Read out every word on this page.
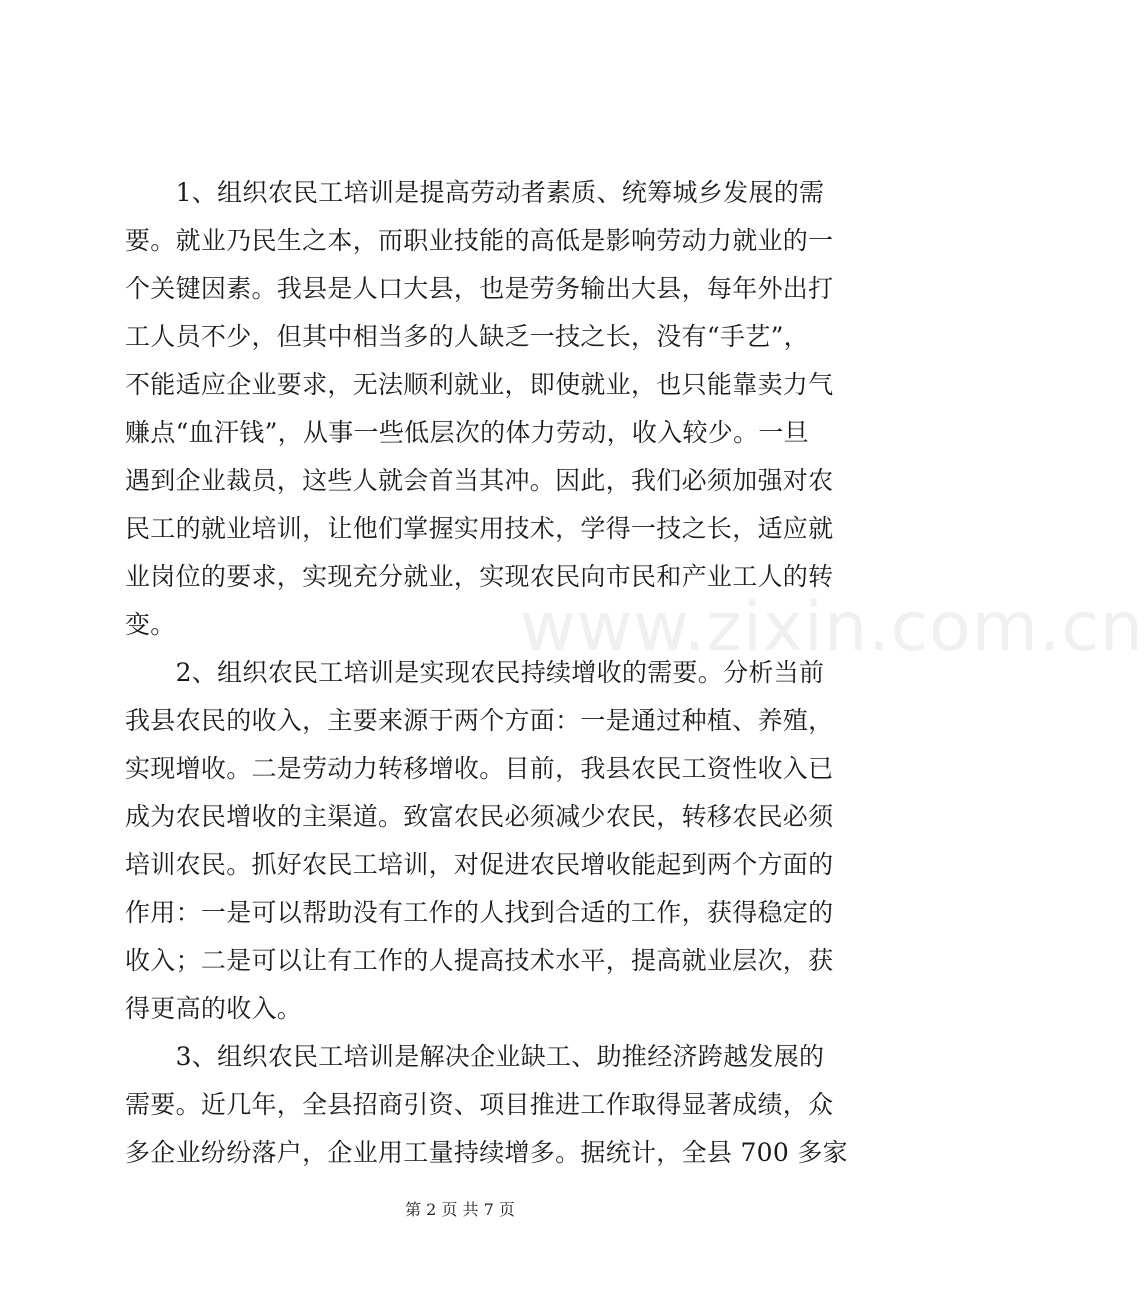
www.zixin.com.cn
　　1、组织农民工培训是提高劳动者素质、统筹城乡发展的需
要。就业乃民生之本，而职业技能的高低是影响劳动力就业的一
个关键因素。我县是人口大县，也是劳务输出大县，每年外出打
工人员不少，但其中相当多的人缺乏一技之长，没有“手艺”，
不能适应企业要求，无法顺利就业，即使就业，也只能靠卖力气
赚点“血汗钱”，从事一些低层次的体力劳动，收入较少。一旦
遇到企业裁员，这些人就会首当其冲。因此，我们必须加强对农
民工的就业培训，让他们掌握实用技术，学得一技之长，适应就
业岗位的要求，实现充分就业，实现农民向市民和产业工人的转
变。
　　2、组织农民工培训是实现农民持续增收的需要。分析当前
我县农民的收入，主要来源于两个方面：一是通过种植、养殖，
实现增收。二是劳动力转移增收。目前，我县农民工资性收入已
成为农民增收的主渠道。致富农民必须减少农民，转移农民必须
培训农民。抓好农民工培训，对促进农民增收能起到两个方面的
作用：一是可以帮助没有工作的人找到合适的工作，获得稳定的
收入；二是可以让有工作的人提高技术水平，提高就业层次，获
得更高的收入。
　　3、组织农民工培训是解决企业缺工、助推经济跨越发展的
需要。近几年，全县招商引资、项目推进工作取得显著成绩，众
多企业纷纷落户，企业用工量持续增多。据统计，全县 700 多家
第 2 页 共 7 页
